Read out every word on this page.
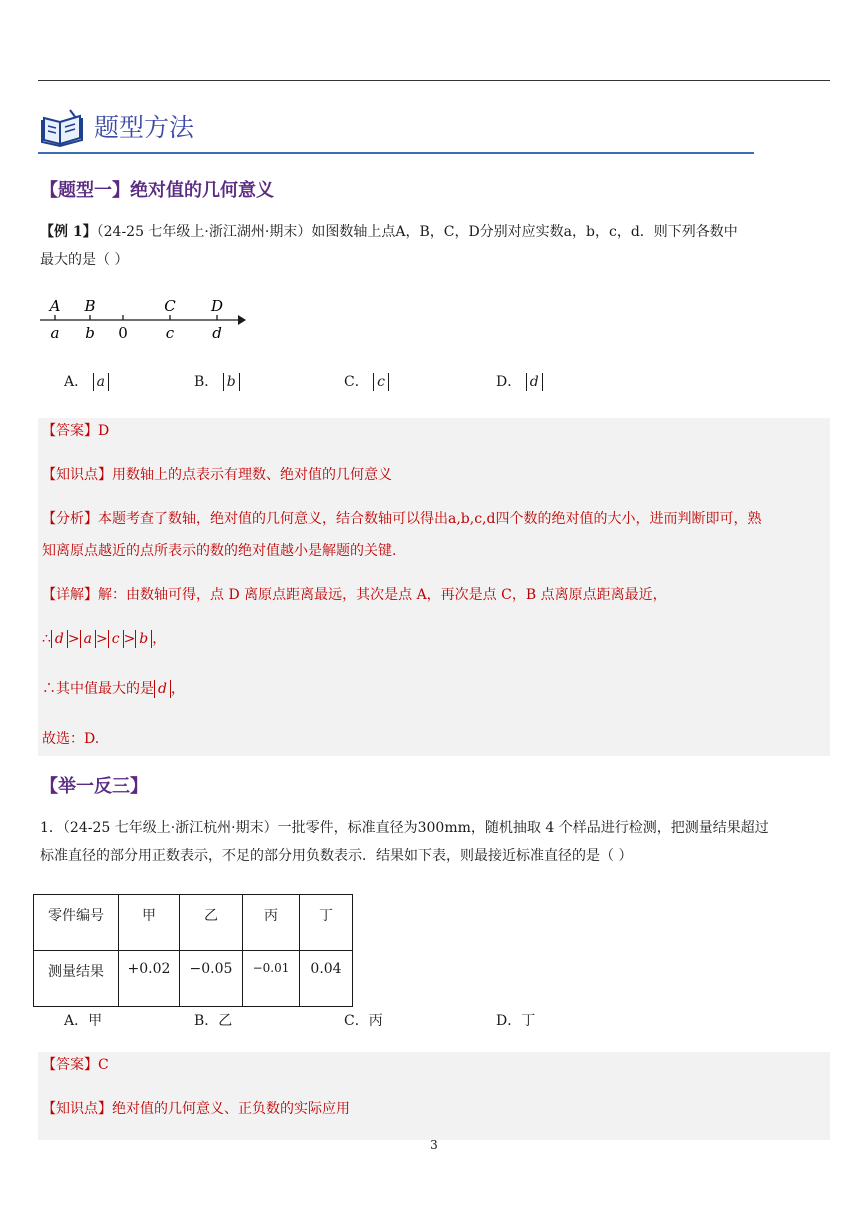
题型方法
【题型一】绝对值的几何意义
【例 1】（24-25 七年级上·浙江湖州·期末）如图数轴上点A，B，C，D分别对应实数a，b，c，d．则下列各数中
最大的是（ ）
A B	C D
a b 0	c	d
A． a	B． b	C． c	D． d
【答案】D
【知识点】用数轴上的点表示有理数、绝对值的几何意义
【分析】本题考查了数轴，绝对值的几何意义，结合数轴可以得出a,b,c,d四个数的绝对值的大小，进而判断即可，熟
知离原点越近的点所表示的数的绝对值越小是解题的关键.
【详解】解：由数轴可得，点 D 离原点距离最远，其次是点 A，再次是点 C，B 点离原点距离最近，
∴ d > a > c > b ，
∴其中值最大的是 d ，
故选：D.
【举一反三】
1．（24-25 七年级上·浙江杭州·期末）一批零件，标准直径为300mm，随机抽取 4 个样品进行检测，把测量结果超过
标准直径的部分用正数表示，不足的部分用负数表示．结果如下表，则最接近标准直径的是（ ）
零件编号	甲	乙	丙	丁
测量结果	+0.02	−0.05	−0.01	0.04
A．甲	B．乙	C．丙	D．丁
【答案】C
【知识点】绝对值的几何意义、正负数的实际应用
3
